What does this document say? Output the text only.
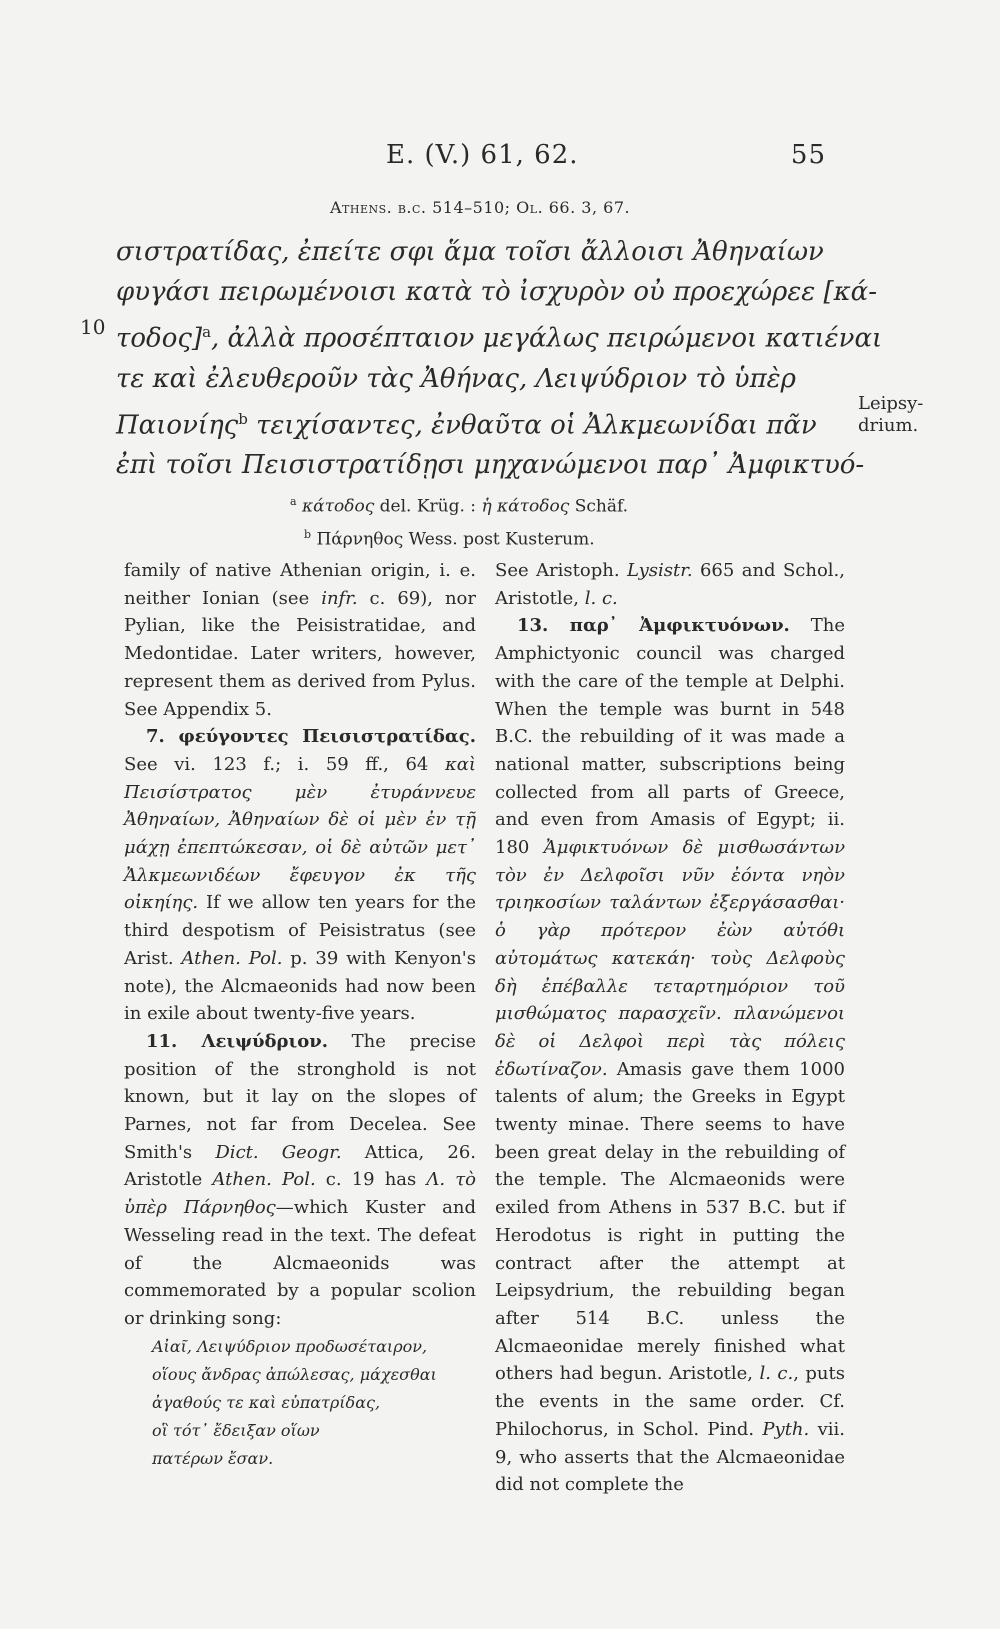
E. (V.) 61, 62.	55
Athens. b.c. 514–510; Ol. 66. 3, 67.
10
σιστρατίδας, ἐπείτε σφι ἅμα τοῖσι ἄλλοισι Ἀθηναίων
φυγάσι πειρωμένοισι κατὰ τὸ ἰσχυρὸν οὐ προεχώρεε [κά-
τοδος]$^a$, ἀλλὰ προσέπταιον μεγάλως πειρώμενοι κατιέναι
τε καὶ ἐλευθεροῦν τὰς Ἀθήνας, Λειψύδριον τὸ ὑπὲρ
Παιονίης$^b$ τειχίσαντες, ἐνθαῦτα οἱ Ἀλκμεωνίδαι πᾶν
ἐπὶ τοῖσι Πεισιστρατίδῃσι μηχανώμενοι παρ᾽ Ἀμφικτυό-
Leipsy-drium.
$^a$ κάτοδος del. Krüg. : ἡ κάτοδος Schäf.
$^b$ Πάρνηθος Wess. post Kusterum.

family of native Athenian origin, i. e. neither Ionian (see infr. c. 69), nor Pylian, like the Peisistratidae, and Medontidae. Later writers, however, represent them as derived from Pylus. See Appendix 5.

7. φεύγοντες Πεισιστρατίδας. See vi. 123 f.; i. 59 ff., 64 καὶ Πεισίστρατος μὲν ἐτυράννευε Ἀθηναίων, Ἀθηναίων δὲ οἱ μὲν ἐν τῇ μάχῃ ἐπεπτώκεσαν, οἱ δὲ αὐτῶν μετ᾽ Ἀλκμεωνιδέων ἔφευγον ἐκ τῆς οἰκηίης. If we allow ten years for the third despotism of Peisistratus (see Arist. Athen. Pol. p. 39 with Kenyon's note), the Alcmaeonids had now been in exile about twenty-five years.

11. Λειψύδριον. The precise position of the stronghold is not known, but it lay on the slopes of Parnes, not far from Decelea. See Smith's Dict. Geogr. Attica, 26. Aristotle Athen. Pol. c. 19 has Λ. τὸ ὑπὲρ Πάρνηθος—which Kuster and Wesseling read in the text. The defeat of the Alcmaeonids was commemorated by a popular scolion or drinking song:

Αἰαῖ, Λειψύδριον προδωσέταιρον,
οἵους ἄνδρας ἀπώλεσας, μάχεσθαι
ἀγαθούς τε καὶ εὐπατρίδας,
οἳ τότ᾽ ἔδειξαν οἵων
πατέρων ἔσαν.

See Aristoph. Lysistr. 665 and Schol., Aristotle, l. c.

13. παρ᾽ Ἀμφικτυόνων. The Amphictyonic council was charged with the care of the temple at Delphi. When the temple was burnt in 548 B.C. the rebuilding of it was made a national matter, subscriptions being collected from all parts of Greece, and even from Amasis of Egypt; ii. 180 Ἀμφικτυόνων δὲ μισθωσάντων τὸν ἐν Δελφοῖσι νῦν ἐόντα νηὸν τριηκοσίων ταλάντων ἐξεργάσασθαι· ὁ γὰρ πρότερον ἐὼν αὐτόθι αὐτομάτως κατεκάη· τοὺς Δελφοὺς δὴ ἐπέβαλλε τεταρτημόριον τοῦ μισθώματος παρασχεῖν. πλανώμενοι δὲ οἱ Δελφοὶ περὶ τὰς πόλεις ἐδωτίναζον. Amasis gave them 1000 talents of alum; the Greeks in Egypt twenty minae. There seems to have been great delay in the rebuilding of the temple. The Alcmaeonids were exiled from Athens in 537 B.C. but if Herodotus is right in putting the contract after the attempt at Leipsydrium, the rebuilding began after 514 B.C. unless the Alcmaeonidae merely finished what others had begun. Aristotle, l. c., puts the events in the same order. Cf. Philochorus, in Schol. Pind. Pyth. vii. 9, who asserts that the Alcmaeonidae did not complete the
